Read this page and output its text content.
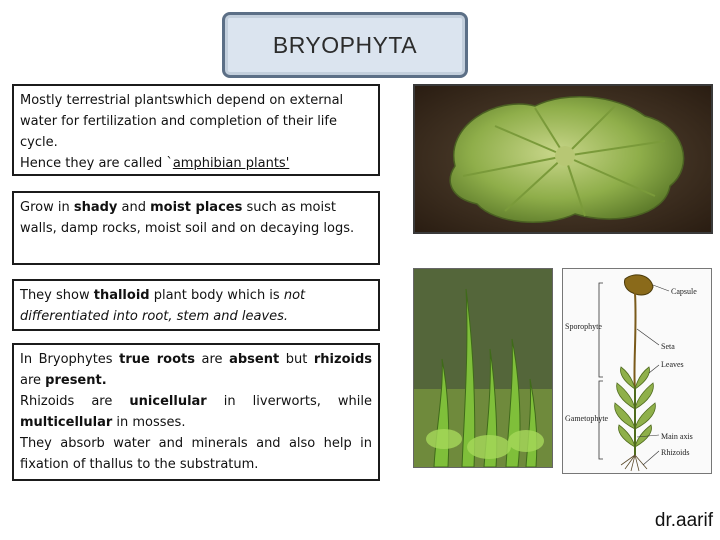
BRYOPHYTA
Mostly terrestrial plantswhich depend on external water for fertilization and completion of their life cycle.
Hence they are called `amphibian plants'
Grow in shady and moist places such as moist walls, damp rocks, moist soil and on decaying logs.
They show thalloid plant body which is not differentiated into root, stem and leaves.
In Bryophytes true roots are absent but rhizoids are present.
Rhizoids are unicellular in liverworts, while multicellular in mosses.
They absorb water and minerals and also help in fixation of thallus to the substratum.
Capsule
Seta
Leaves
Main axis
Rhizoids
Sporophyte
Gametophyte
dr.aarif
